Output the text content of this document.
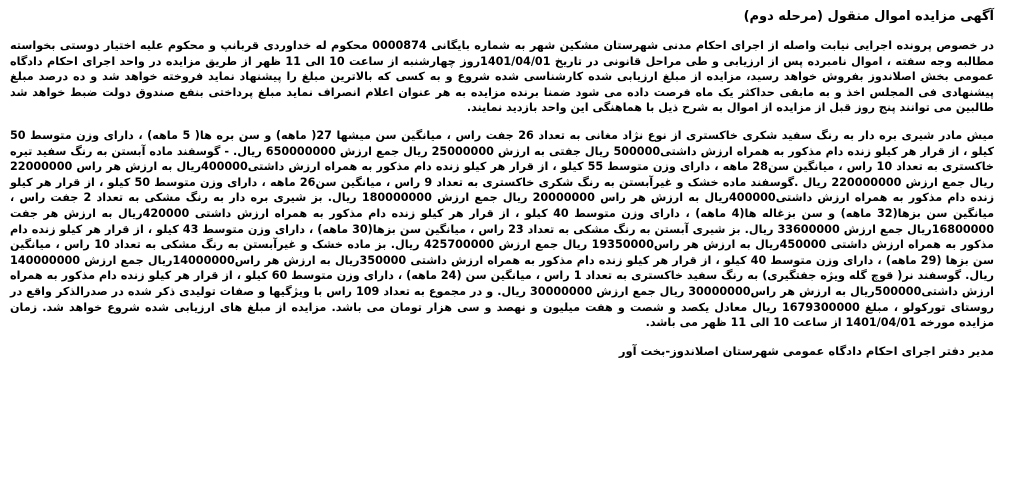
آگهی مزایده اموال منقول (مرحله دوم)

در خصوص پرونده اجرایی نیابت واصله از اجرای احکام مدنی شهرستان مشکین شهر به شماره بایگانی 0000874 محکوم له خداوردی قربانپ و محکوم علیه اختیار دوستی بخواسته مطالبه وجه سفته ، اموال نامبرده پس از ارزیابی و طی مراحل قانونی در تاریخ 1401/04/01روز چهارشنبه از ساعت 10 الی 11 ظهر از طریق مزایده در واحد اجرای احکام دادگاه عمومی بخش اصلاندوز بفروش خواهد رسید، مزایده از مبلغ ارزیابی شده کارشناسی شده شروع و به کسی که بالاترین مبلغ را پیشنهاد نماید فروخته خواهد شد و ده درصد مبلغ پیشنهادی فی المجلس اخذ و به مابقی حداکثر یک ماه فرصت داده می شود ضمنا برنده مزایده به هر عنوان اعلام انصراف نماید مبلغ پرداختی بنفع صندوق دولت ضبط خواهد شد طالبین می توانند پنج روز قبل از مزایده از اموال به شرح ذیل با هماهنگی این واحد بازدید نمایند.

میش مادر شیری بره دار به رنگ سفید شکری خاکستری از نوع نژاد مغانی به تعداد 26 جفت راس ، میانگین سن میشها 27( ماهه) و سن بره ها( 5 ماهه) ، دارای وزن متوسط 50 کیلو ، از قرار هر کیلو زنده دام مذکور به همراه ارزش داشتی500000 ریال جفتی به ارزش 25000000 ریال جمع ارزش 650000000 ریال. - گوسفند ماده آبستن به رنگ سفید تیره خاکستری به تعداد 10 راس ، میانگین سن28 ماهه ، دارای وزن متوسط 55 کیلو ، از قرار هر کیلو زنده دام مذکور به همراه ارزش داشتی400000ریال به ارزش هر راس 22000000 ریال جمع ارزش 220000000 ریال .گوسفند ماده خشک و غیرآبستن به رنگ شکری خاکستری به تعداد 9 راس ، میانگین سن26 ماهه ، دارای وزن متوسط 50 کیلو ، از قرار هر کیلو زنده دام مذکور به همراه ارزش داشتی400000ریال به ارزش هر راس 20000000 ریال جمع ارزش 180000000 ریال. بز شیری بره دار به رنگ مشکی به تعداد 2 جفت راس ، میانگین سن بزها(32 ماهه) و سن بزغاله ها(4 ماهه) ، دارای وزن متوسط 40 کیلو ، از قرار هر کیلو زنده دام مذکور به همراه ارزش داشتی 420000ریال به ارزش هر جفت 16800000ریال جمع ارزش 33600000 ریال. بز شیری آبستن به رنگ مشکی به تعداد 23 راس ، میانگین سن بزها(30 ماهه) ، دارای وزن متوسط 43 کیلو ، از قرار هر کیلو زنده دام مذکور به همراه ارزش داشتی 450000ریال به ارزش هر راس19350000 ریال جمع ارزش 425700000 ریال. بز ماده خشک و غیرآبستن به رنگ مشکی به تعداد 10 راس ، میانگین سن بزها (29 ماهه) ، دارای وزن متوسط 40 کیلو ، از قرار هر کیلو زنده دام مذکور به همراه ارزش داشتی 350000ریال به ارزش هر راس14000000ریال جمع ارزش 140000000 ریال. گوسفند نر( قوچ گله ویژه جفتگیری) به رنگ سفید خاکستری به تعداد 1 راس ، میانگین سن (24 ماهه) ، دارای وزن متوسط 60 کیلو ، از قرار هر کیلو زنده دام مذکور به همراه ارزش داشتی500000ریال به ارزش هر راس30000000 ریال جمع ارزش 30000000 ریال. و در مجموع به تعداد 109 راس با ویژگیها و صفات تولیدی ذکر شده در صدرالذکر واقع در روستای تورکولو ، مبلغ 1679300000 ریال معادل یکصد و شصت و هفت میلیون و نهصد و سی هزار تومان می باشد. مزایده از مبلغ های ارزیابی شده شروع خواهد شد. زمان مزایده مورخه 1401/04/01 از ساعت 10 الی 11 ظهر می باشد.

مدیر دفتر اجرای احکام دادگاه عمومی شهرستان اصلاندوز-بخت آور
